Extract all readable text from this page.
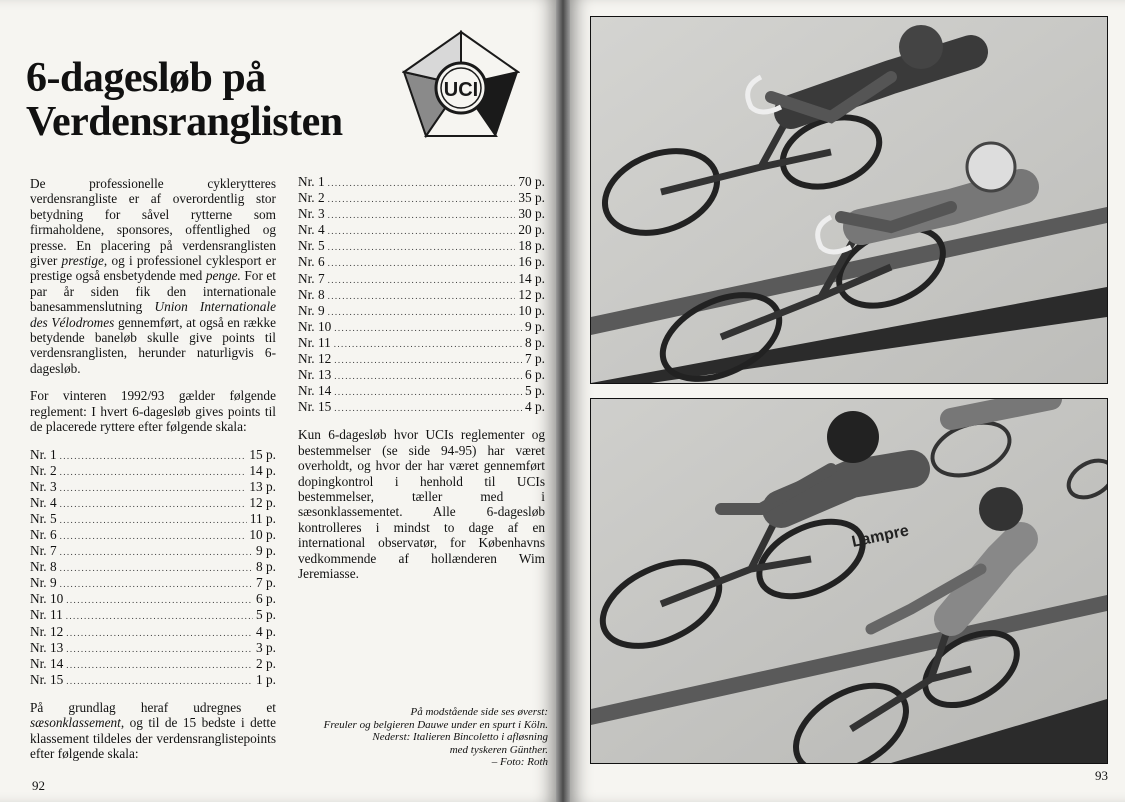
6-dagesløb på
Verdensranglisten
UCI

De professionelle cyklerytteres verdensrangliste er af overordentlig stor betydning for såvel rytterne som firmaholdene, sponsores, offentlighed og presse. En placering på verdensranglisten giver prestige, og i professionel cyklesport er prestige også ensbetydende med penge. For et par år siden fik den internationale banesammenslutning Union Internationale des Vélodromes gennemført, at også en række betydende baneløb skulle give points til verdensranglisten, herunder naturligvis 6-dagesløb.

For vinteren 1992/93 gælder følgende reglement: I hvert 6-dagesløb gives points til de placerede ryttere efter følgende skala:

Nr. 1 .....	15 p.
Nr. 2 .....	14 p.
Nr. 3 .....	13 p.
Nr. 4 .....	12 p.
Nr. 5 .....	11 p.
Nr. 6 .....	10 p.
Nr. 7 .....	9 p.
Nr. 8 .....	8 p.
Nr. 9 .....	7 p.
Nr. 10 .....	6 p.
Nr. 11 .....	5 p.
Nr. 12 .....	4 p.
Nr. 13 .....	3 p.
Nr. 14 .....	2 p.
Nr. 15 .....	1 p.

På grundlag heraf udregnes et sæsonklassement, og til de 15 bedste i dette klassement tildeles der verdensranglistepoints efter følgende skala:

Nr. 1 .....	70 p.
Nr. 2 .....	35 p.
Nr. 3 .....	30 p.
Nr. 4 .....	20 p.
Nr. 5 .....	18 p.
Nr. 6 .....	16 p.
Nr. 7 .....	14 p.
Nr. 8 .....	12 p.
Nr. 9 .....	10 p.
Nr. 10 .....	9 p.
Nr. 11 .....	8 p.
Nr. 12 .....	7 p.
Nr. 13 .....	6 p.
Nr. 14 .....	5 p.
Nr. 15 .....	4 p.

Kun 6-dagesløb hvor UCIs reglementer og bestemmelser (se side 94-95) har været overholdt, og hvor der har været gennemført dopingkontrol i henhold til UCIs bestemmelser, tæller med i sæsonklassementet. Alle 6-dagesløb kontrolleres i mindst to dage af en international observatør, for Københavns vedkommende af hollænderen Wim Jeremiasse.

På modstående side ses øverst:
Freuler og belgieren Dauwe under en spurt i Köln.
Nederst: Italieren Bincoletto i afløsning
med tyskeren Günther.
– Foto: Roth
92
Lampre
93
